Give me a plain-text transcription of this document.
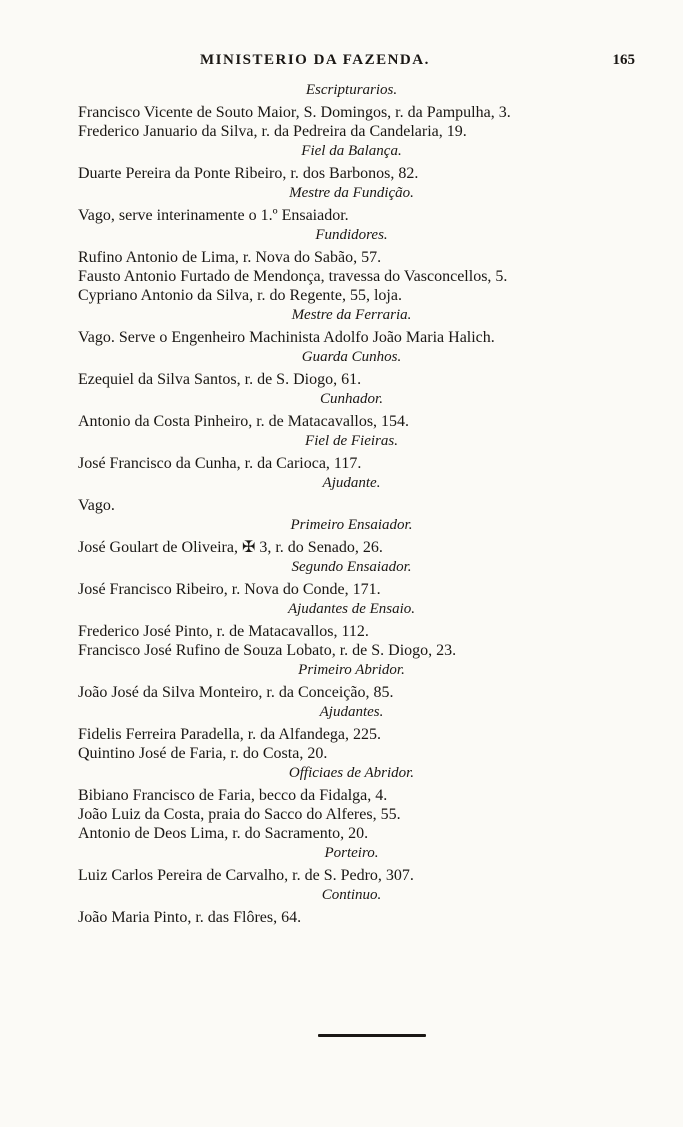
MINISTERIO DA FAZENDA.	165
Escripturarios.
Francisco Vicente de Souto Maior, S. Domingos, r. da Pampulha, 3.
Frederico Januario da Silva, r. da Pedreira da Candelaria, 19.
Fiel da Balança.
Duarte Pereira da Ponte Ribeiro, r. dos Barbonos, 82.
Mestre da Fundição.
Vago, serve interinamente o 1.º Ensaiador.
Fundidores.
Rufino Antonio de Lima, r. Nova do Sabão, 57.
Fausto Antonio Furtado de Mendonça, travessa do Vasconcellos, 5.
Cypriano Antonio da Silva, r. do Regente, 55, loja.
Mestre da Ferraria.
Vago. Serve o Engenheiro Machinista Adolfo João Maria Halich.
Guarda Cunhos.
Ezequiel da Silva Santos, r. de S. Diogo, 61.
Cunhador.
Antonio da Costa Pinheiro, r. de Matacavallos, 154.
Fiel de Fieiras.
José Francisco da Cunha, r. da Carioca, 117.
Ajudante.
Vago.
Primeiro Ensaiador.
José Goulart de Oliveira, ✠ 3, r. do Senado, 26.
Segundo Ensaiador.
José Francisco Ribeiro, r. Nova do Conde, 171.
Ajudantes de Ensaio.
Frederico José Pinto, r. de Matacavallos, 112.
Francisco José Rufino de Souza Lobato, r. de S. Diogo, 23.
Primeiro Abridor.
João José da Silva Monteiro, r. da Conceição, 85.
Ajudantes.
Fidelis Ferreira Paradella, r. da Alfandega, 225.
Quintino José de Faria, r. do Costa, 20.
Officiaes de Abridor.
Bibiano Francisco de Faria, becco da Fidalga, 4.
João Luiz da Costa, praia do Sacco do Alferes, 55.
Antonio de Deos Lima, r. do Sacramento, 20.
Porteiro.
Luiz Carlos Pereira de Carvalho, r. de S. Pedro, 307.
Continuo.
João Maria Pinto, r. das Flôres, 64.
